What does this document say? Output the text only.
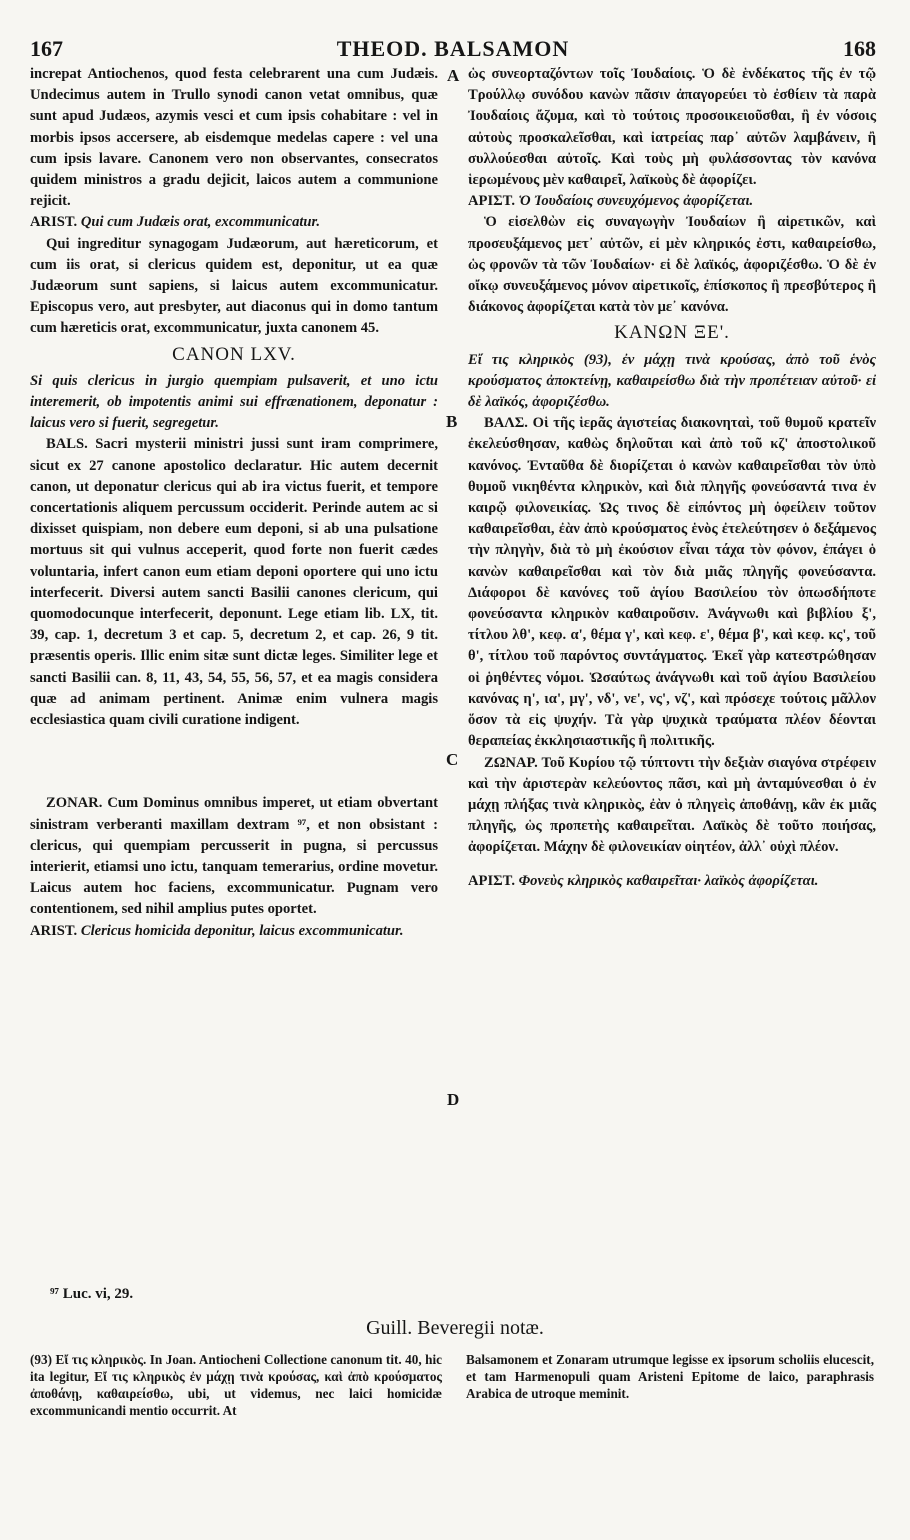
167	THEOD. BALSAMON	168
A
B
C
D

increpat Antiochenos, quod festa celebrarent una cum Judæis. Undecimus autem in Trullo synodi canon vetat omnibus, quæ sunt apud Judæos, azymis vesci et cum ipsis cohabitare : vel in morbis ipsos accersere, ab eisdemque medelas capere : vel una cum ipsis lavare. Canonem vero non observantes, consecratos quidem ministros a gradu dejicit, laicos autem a communione rejicit.

ARIST. Qui cum Judæis orat, excommunicatur.

Qui ingreditur synagogam Judæorum, aut hæreticorum, et cum iis orat, si clericus quidem est, deponitur, ut ea quæ Judæorum sunt sapiens, si laicus autem excommunicatur. Episcopus vero, aut presbyter, aut diaconus qui in domo tantum cum hæreticis orat, excommunicatur, juxta canonem 45.

CANON LXV.

Si quis clericus in jurgio quempiam pulsaverit, et uno ictu interemerit, ob impotentis animi sui effrænationem, deponatur : laicus vero si fuerit, segregetur.

BALS. Sacri mysterii ministri jussi sunt iram comprimere, sicut ex 27 canone apostolico declaratur. Hic autem decernit canon, ut deponatur clericus qui ab ira victus fuerit, et tempore concertationis aliquem percussum occiderit. Perinde autem ac si dixisset quispiam, non debere eum deponi, si ab una pulsatione mortuus sit qui vulnus acceperit, quod forte non fuerit cædes voluntaria, infert canon eum etiam deponi oportere qui uno ictu interfecerit. Diversi autem sancti Basilii canones clericum, qui quomodocunque interfecerit, deponunt. Lege etiam lib. LX, tit. 39, cap. 1, decretum 3 et cap. 5, decretum 2, et cap. 26, 9 tit. præsentis operis. Illic enim sitæ sunt dictæ leges. Similiter lege et sancti Basilii can. 8, 11, 43, 54, 55, 56, 57, et ea magis considera quæ ad animam pertinent. Animæ enim vulnera magis ecclesiastica quam civili curatione indigent.

ZONAR. Cum Dominus omnibus imperet, ut etiam obvertant sinistram verberanti maxillam dextram ⁹⁷, et non obsistant : clericus, qui quempiam percusserit in pugna, si percussus interierit, etiamsi uno ictu, tanquam temerarius, ordine movetur. Laicus autem hoc faciens, excommunicatur. Pugnam vero contentionem, sed nihil amplius putes oportet.

ARIST. Clericus homicida deponitur, laicus excommunicatur.

ὡς συνεορταζόντων τοῖς Ἰουδαίοις. Ὁ δὲ ἑνδέκατος τῆς ἐν τῷ Τρούλλῳ συνόδου κανὼν πᾶσιν ἀπαγορεύει τὸ ἐσθίειν τὰ παρὰ Ἰουδαίοις ἄζυμα, καὶ τὸ τούτοις προσοικειοῦσθαι, ἢ ἐν νόσοις αὐτοὺς προσκαλεῖσθαι, καὶ ἰατρείας παρ᾽ αὐτῶν λαμβάνειν, ἢ συλλούεσθαι αὐτοῖς. Καὶ τοὺς μὴ φυλάσσοντας τὸν κανόνα ἱερωμένους μὲν καθαιρεῖ, λαϊκοὺς δὲ ἀφορίζει.

ΑΡΙΣΤ. Ὁ Ἰουδαίοις συνευχόμενος ἀφορίζεται.

Ὁ εἰσελθὼν εἰς συναγωγὴν Ἰουδαίων ἢ αἱρετικῶν, καὶ προσευξάμενος μετ᾽ αὐτῶν, εἰ μὲν κληρικός ἐστι, καθαιρείσθω, ὡς φρονῶν τὰ τῶν Ἰουδαίων· εἰ δὲ λαϊκός, ἀφοριζέσθω. Ὁ δὲ ἐν οἴκῳ συνευξάμενος μόνον αἱρετικοῖς, ἐπίσκοπος ἢ πρεσβύτερος ἢ διάκονος ἀφορίζεται κατὰ τὸν με᾽ κανόνα.

ΚΑΝΩΝ ΞΕ'.

Εἴ τις κληρικὸς (93), ἐν μάχῃ τινὰ κρούσας, ἀπὸ τοῦ ἑνὸς κρούσματος ἀποκτείνῃ, καθαιρείσθω διὰ τὴν προπέτειαν αὐτοῦ· εἰ δὲ λαϊκός, ἀφοριζέσθω.

ΒΑΛΣ. Οἱ τῆς ἱερᾶς ἁγιστείας διακονηταὶ, τοῦ θυμοῦ κρατεῖν ἐκελεύσθησαν, καθὼς δηλοῦται καὶ ἀπὸ τοῦ κζ' ἀποστολικοῦ κανόνος. Ἐνταῦθα δὲ διορίζεται ὁ κανὼν καθαιρεῖσθαι τὸν ὑπὸ θυμοῦ νικηθέντα κληρικὸν, καὶ διὰ πληγῆς φονεύσαντά τινα ἐν καιρῷ φιλονεικίας. Ὡς τινος δὲ εἰπόντος μὴ ὀφείλειν τοῦτον καθαιρεῖσθαι, ἐὰν ἀπὸ κρούσματος ἑνὸς ἐτελεύτησεν ὁ δεξάμενος τὴν πληγὴν, διὰ τὸ μὴ ἐκούσιον εἶναι τάχα τὸν φόνον, ἐπάγει ὁ κανὼν καθαιρεῖσθαι καὶ τὸν διὰ μιᾶς πληγῆς φονεύσαντα. Διάφοροι δὲ κανόνες τοῦ ἁγίου Βασιλείου τὸν ὁπωσδήποτε φονεύσαντα κληρικὸν καθαιροῦσιν. Ἀνάγνωθι καὶ βιβλίου ξ', τίτλου λθ', κεφ. α', θέμα γ', καὶ κεφ. ε', θέμα β', καὶ κεφ. κς', τοῦ θ', τίτλου τοῦ παρόντος συντάγματος. Ἐκεῖ γὰρ κατεστρώθησαν οἱ ῥηθέντες νόμοι. Ὡσαύτως ἀνάγνωθι καὶ τοῦ ἁγίου Βασιλείου κανόνας η', ια', μγ', νδ', νε', νς', νζ', καὶ πρόσεχε τούτοις μᾶλλον ὅσον τὰ εἰς ψυχήν. Τὰ γὰρ ψυχικὰ τραύματα πλέον δέονται θεραπείας ἐκκλησιαστικῆς ἢ πολιτικῆς.

ΖΩΝΑΡ. Τοῦ Κυρίου τῷ τύπτοντι τὴν δεξιὰν σιαγόνα στρέφειν καὶ τὴν ἀριστερὰν κελεύοντος πᾶσι, καὶ μὴ ἀνταμύνεσθαι ὁ ἐν μάχῃ πλήξας τινὰ κληρικὸς, ἐὰν ὁ πληγεὶς ἀποθάνῃ, κἂν ἐκ μιᾶς πληγῆς, ὡς προπετὴς καθαιρεῖται. Λαϊκὸς δὲ τοῦτο ποιήσας, ἀφορίζεται. Μάχην δὲ φιλονεικίαν οἰητέον, ἀλλ᾽ οὐχὶ πλέον.

ΑΡΙΣΤ. Φονεὺς κληρικὸς καθαιρεῖται· λαϊκὸς ἀφορίζεται.

⁹⁷ Luc. vi, 29.
Guill. Beveregii notæ.

(93) Εἴ τις κληρικὸς. In Joan. Antiocheni Collectione canonum tit. 40, hic ita legitur, Εἴ τις κληρικὸς ἐν μάχῃ τινὰ κρούσας, καὶ ἀπὸ κρούσματος ἀποθάνῃ, καθαιρείσθω, ubi, ut videmus, nec laici homicidæ excommunicandi mentio occurrit. At

Balsamonem et Zonaram utrumque legisse ex ipsorum scholiis elucescit, et tam Harmenopuli quam Aristeni Epitome de laico, paraphrasis Arabica de utroque meminit.
